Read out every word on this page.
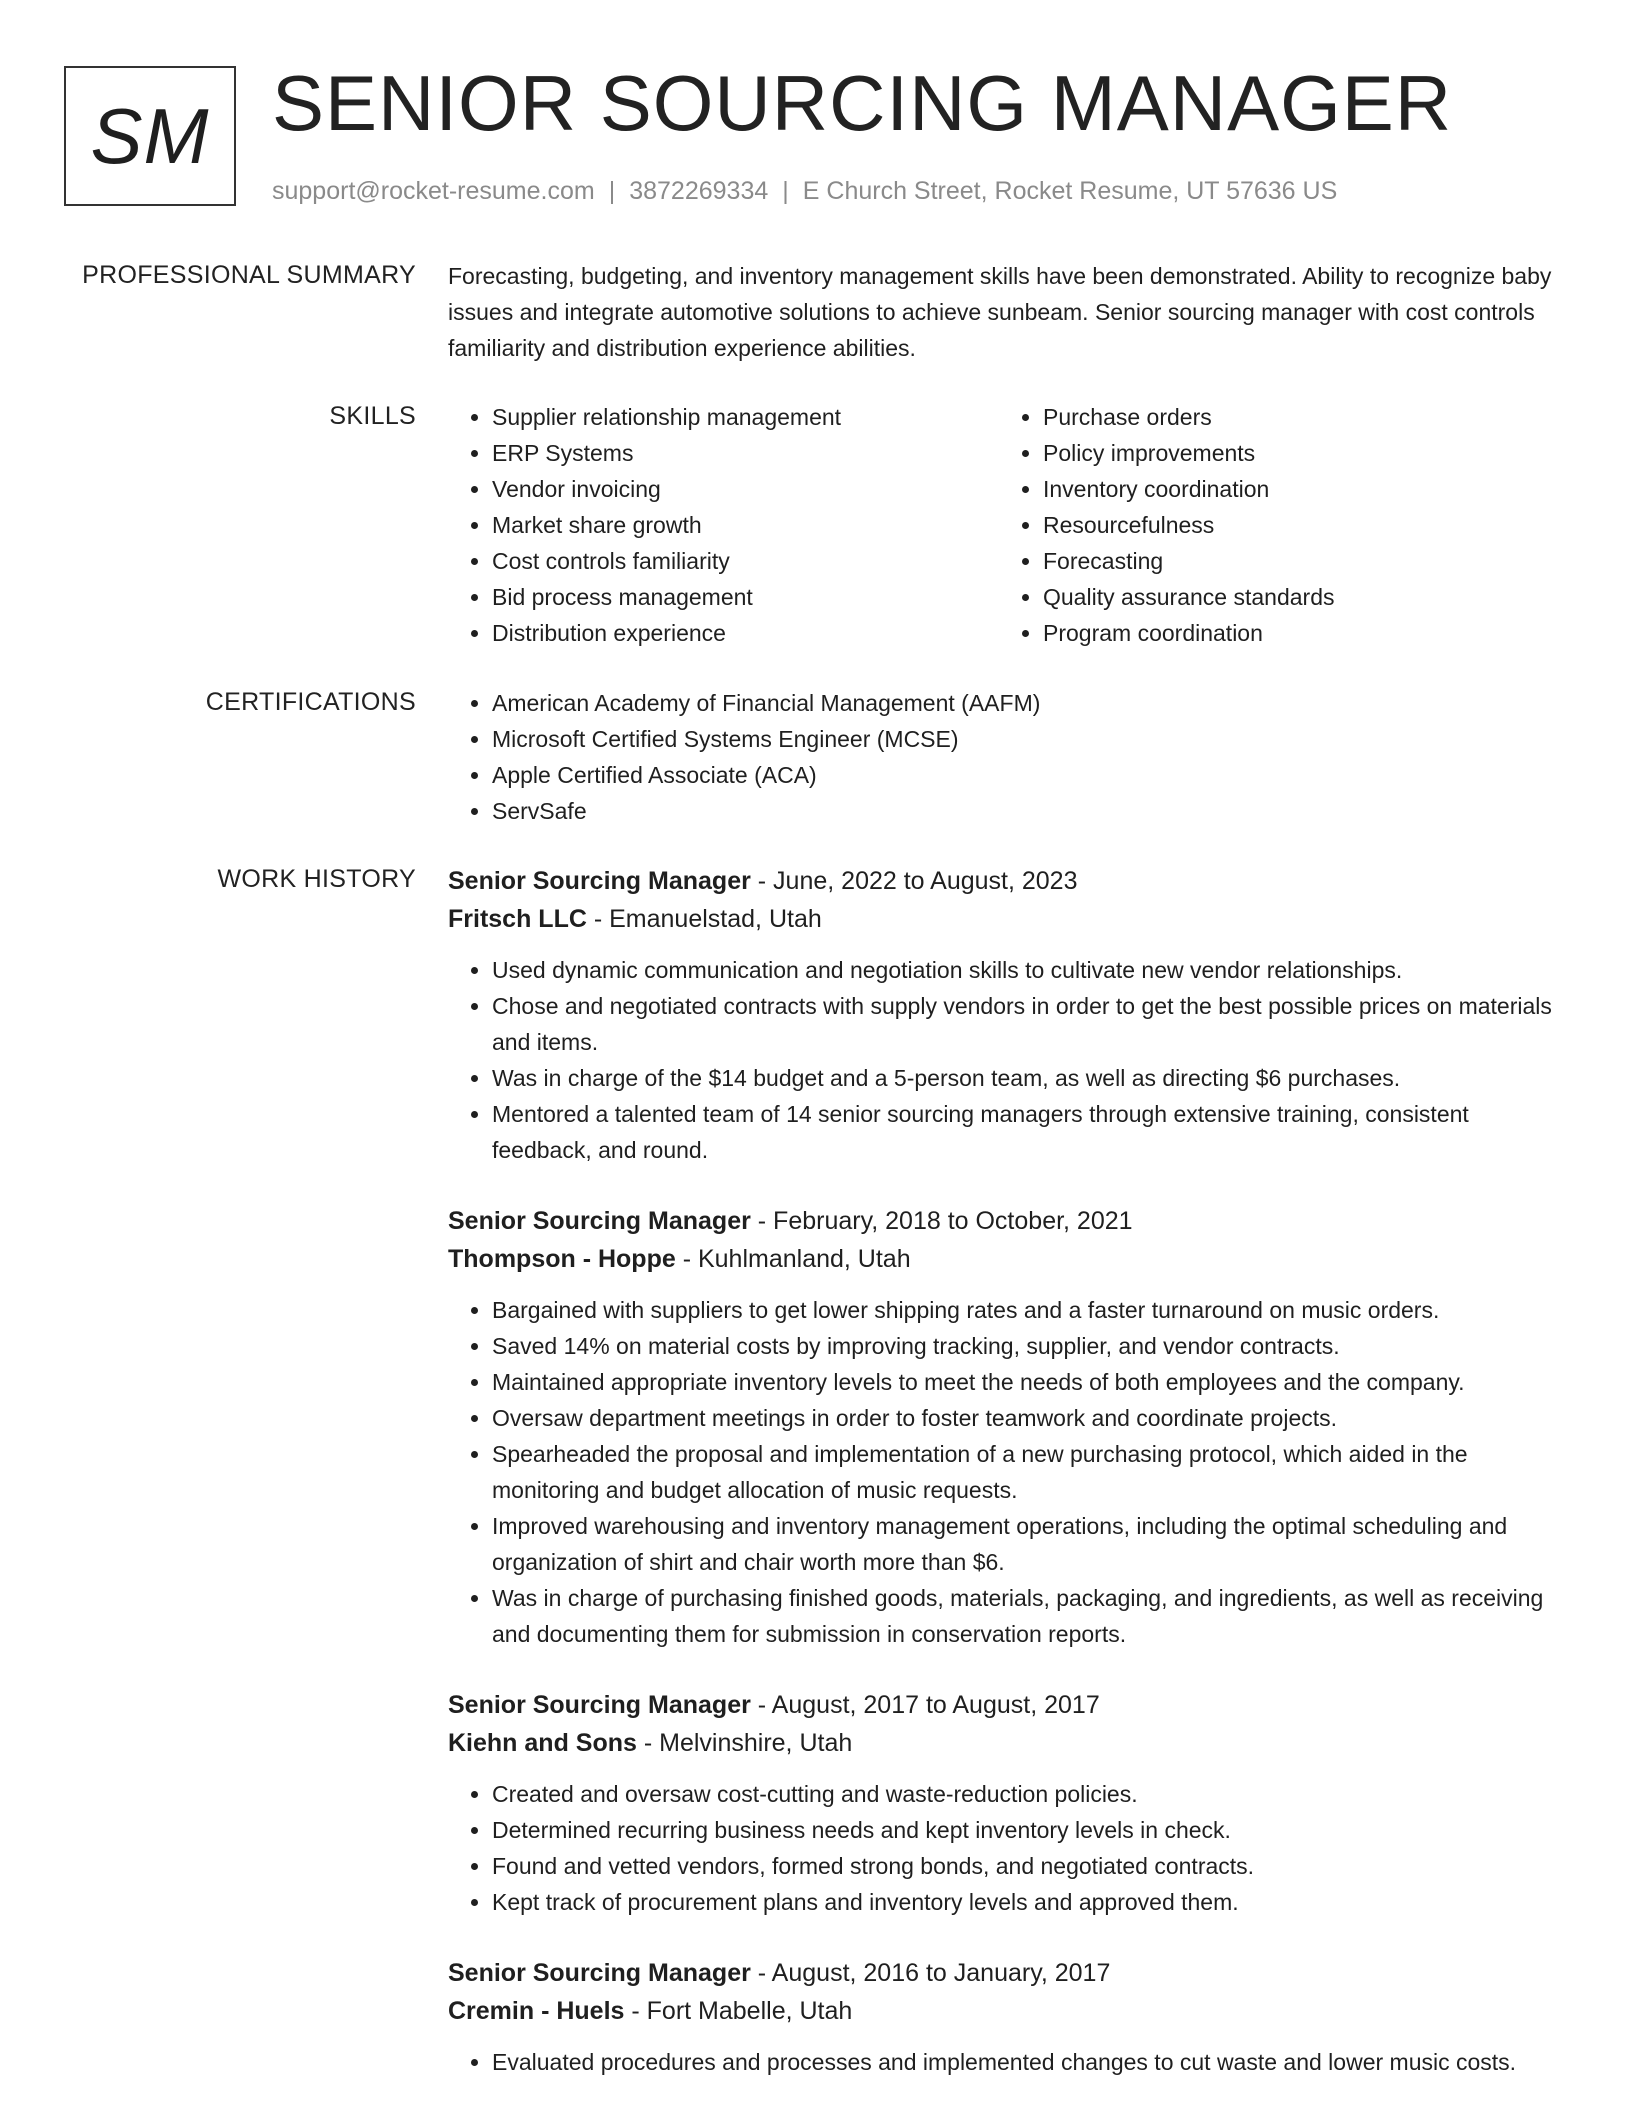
SM SENIOR SOURCING MANAGER
support@rocket-resume.com | 3872269334 | E Church Street, Rocket Resume, UT 57636 US
PROFESSIONAL SUMMARY Forecasting, budgeting, and inventory management skills have been demonstrated. Ability to recognize baby issues and integrate automotive solutions to achieve sunbeam. Senior sourcing manager with cost controls familiarity and distribution experience abilities.

SKILLS	• Supplier relationship management
• ERP Systems
• Vendor invoicing
• Market share growth
• Cost controls familiarity
• Bid process management
• Distribution experience
• Purchase orders
• Policy improvements
• Inventory coordination
• Resourcefulness
• Forecasting
• Quality assurance standards
• Program coordination
CERTIFICATIONS	• American Academy of Financial Management (AAFM)
• Microsoft Certified Systems Engineer (MCSE)
• Apple Certified Associate (ACA)
• ServSafe
WORK HISTORY Senior Sourcing Manager - June, 2022 to August, 2023
Fritsch LLC - Emanuelstad, Utah
• Used dynamic communication and negotiation skills to cultivate new vendor relationships.
• Chose and negotiated contracts with supply vendors in order to get the best possible prices on materials and items.
• Was in charge of the $14 budget and a 5-person team, as well as directing $6 purchases.
• Mentored a talented team of 14 senior sourcing managers through extensive training, consistent feedback, and round.
Senior Sourcing Manager - February, 2018 to October, 2021
Thompson - Hoppe - Kuhlmanland, Utah
• Bargained with suppliers to get lower shipping rates and a faster turnaround on music orders.
• Saved 14% on material costs by improving tracking, supplier, and vendor contracts.
• Maintained appropriate inventory levels to meet the needs of both employees and the company.
• Oversaw department meetings in order to foster teamwork and coordinate projects.
• Spearheaded the proposal and implementation of a new purchasing protocol, which aided in the monitoring and budget allocation of music requests.
• Improved warehousing and inventory management operations, including the optimal scheduling and organization of shirt and chair worth more than $6.
• Was in charge of purchasing finished goods, materials, packaging, and ingredients, as well as receiving and documenting them for submission in conservation reports.
Senior Sourcing Manager - August, 2017 to August, 2017
Kiehn and Sons - Melvinshire, Utah
• Created and oversaw cost-cutting and waste-reduction policies.
• Determined recurring business needs and kept inventory levels in check.
• Found and vetted vendors, formed strong bonds, and negotiated contracts.
• Kept track of procurement plans and inventory levels and approved them.
Senior Sourcing Manager - August, 2016 to January, 2017
Cremin - Huels - Fort Mabelle, Utah
• Evaluated procedures and processes and implemented changes to cut waste and lower music costs.
